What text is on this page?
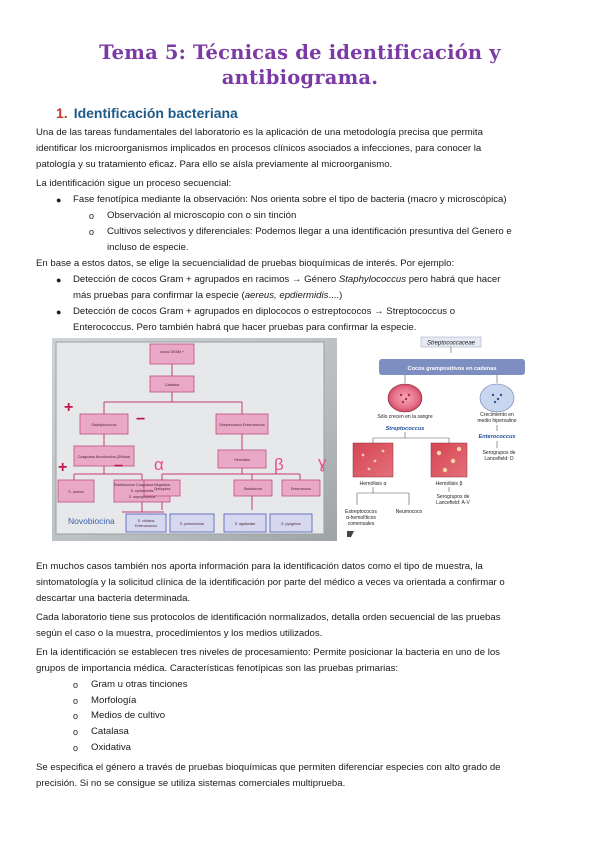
Tema 5: Técnicas de identificación y
antibiograma.
1. Identificación bacteriana
Una de las tareas fundamentales del laboratorio es la aplicación de una metodología precisa que permita
identificar los microorganismos implicados en procesos clínicos asociados a infecciones, para conocer la
patología y su tratamiento eficaz. Para ello se aísla previamente al microorganismo.
La identificación sigue un proceso secuencial:
● Fase fenotípica mediante la observación: Nos orienta sobre el tipo de bacteria (macro y microscópica)
o Observación al microscopio con o sin tinción
o Cultivos selectivos y diferenciales: Podemos llegar a una identificación presuntiva del Genero e
incluso de especie.
En base a estos datos, se elige la secuencialidad de pruebas bioquímicas de interés. Por ejemplo:
● Detección de cocos Gram + agrupados en racimos → Género Staphylococcus pero habrá que hacer
más pruebas para confirmar la especie (aereus, epdiermidis....)
● Detección de cocos Gram + agrupados en diplococos o estreptococos → Streptococcus o
Enterococcus. Pero también habrá que hacer pruebas para confirmar la especie.
cocos GRAM +
Catalasa
Staphylococcus	Streptococcus Enterococcus
Coagulasa Novobiocina (DNAsa)
Hemólisis
S. aureus
Estafilococos Coagulasa Negativos
S. epidermidis
S. saprophyticus
Optoquina	Bacitracina	Enterococos
S. viridans
Enterococcus	S. pneumoniae	S. agalactiae	S. pyogenes
+
−
+	− α	β ɣ
Novobiocina
Streptococcaceae
Cocos grampositivos en cadenas
Sólo crecen en la sangre	Crecimiento en
medio hipersalino
Streptococcus
Enterococcus
Serogrupos de
Lancefield: D
Hemólisis α	Hemólisis β
Serogrupos de
Lancefield: A-V
Estreptococos
α-hemolíticos
comensales
Neumococo
En muchos casos también nos aporta información para la identificación datos como el tipo de muestra, la
sintomatología y la solicitud clínica de la identificación por parte del médico a veces va orientada a confirmar o
descartar una bacteria determinada.
Cada laboratorio tiene sus protocolos de identificación normalizados, detalla orden secuencial de las pruebas
según el caso o la muestra, procedimientos y los medios utilizados.
En la identificación se establecen tres niveles de procesamiento: Permite posicionar la bacteria en uno de los
grupos de importancia médica. Características fenotípicas son las pruebas primarias:
o Gram u otras tinciones
o Morfología
o Medios de cultivo
o Catalasa
o Oxidativa
Se especifica el género a través de pruebas bioquímicas que permiten diferenciar especies con alto grado de
precisión. Si no se consigue se utiliza sistemas comerciales multiprueba.
